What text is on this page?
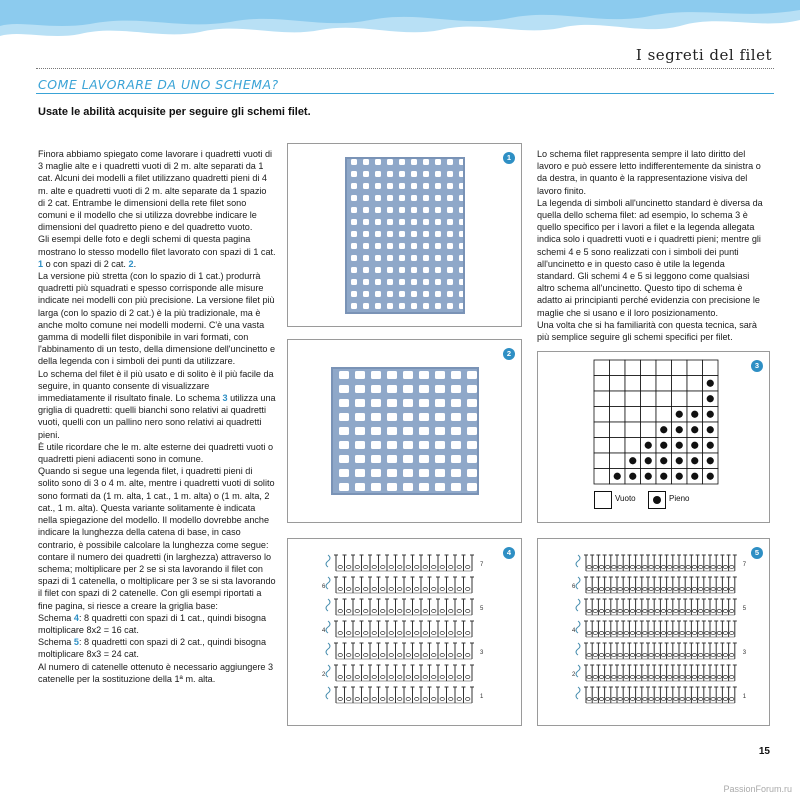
I segreti del filet
COME LAVORARE DA UNO SCHEMA?
Usate le abilità acquisite per seguire gli schemi filet.

Finora abbiamo spiegato come lavorare i quadretti vuoti di 3 maglie alte e i quadretti vuoti di 2 m. alte separati da 1 cat. Alcuni dei modelli a filet utilizzano quadretti pieni di 4 m. alte e quadretti vuoti di 2 m. alte separate da 1 spazio di 2 cat. Entrambe le dimensioni della rete filet sono comuni e il modello che si utilizza dovrebbe indicare le dimensioni del quadretto pieno e del quadretto vuoto.

Gli esempi delle foto e degli schemi di questa pagina mostrano lo stesso modello filet lavorato con spazi di 1 cat. 1 o con spazi di 2 cat. 2.

La versione più stretta (con lo spazio di 1 cat.) produrrà quadretti più squadrati e spesso corrisponde alle misure indicate nei modelli con più precisione. La versione filet più larga (con lo spazio di 2 cat.) è la più tradizionale, ma è anche molto comune nei modelli moderni. C'è una vasta gamma di modelli filet disponibile in vari formati, con l'abbinamento di un testo, della dimensione dell'uncinetto e della legenda con i simboli dei punti da utilizzare.

Lo schema del filet è il più usato e di solito è il più facile da seguire, in quanto consente di visualizzare immediatamente il risultato finale. Lo schema 3 utilizza una griglia di quadretti: quelli bianchi sono relativi ai quadretti vuoti, quelli con un pallino nero sono relativi ai quadretti pieni.

È utile ricordare che le m. alte esterne dei quadretti vuoti o quadretti pieni adiacenti sono in comune.

Quando si segue una legenda filet, i quadretti pieni di solito sono di 3 o 4 m. alte, mentre i quadretti vuoti di solito sono formati da (1 m. alta, 1 cat., 1 m. alta) o (1 m. alta, 2 cat., 1 m. alta). Questa variante solitamente è indicata nella spiegazione del modello. Il modello dovrebbe anche indicare la lunghezza della catena di base, in caso contrario, è possibile calcolare la lunghezza come segue: contare il numero dei quadretti (in larghezza) attraverso lo schema; moltiplicare per 2 se si sta lavorando il filet con spazi di 1 catenella, o moltiplicare per 3 se si sta lavorando il filet con spazi di 2 catenelle. Con gli esempi riportati a fine pagina, si riesce a creare la griglia base:

Schema 4: 8 quadretti con spazi di 1 cat., quindi bisogna moltiplicare 8x2 = 16 cat.

Schema 5: 8 quadretti con spazi di 2 cat., quindi bisogna moltiplicare 8x3 = 24 cat.

Al numero di catenelle ottenuto è necessario aggiungere 3 catenelle per la sostituzione della 1ª m. alta.

Lo schema filet rappresenta sempre il lato diritto del lavoro e può essere letto indifferentemente da sinistra o da destra, in quanto è la rappresentazione visiva del lavoro finito.

La legenda di simboli all'uncinetto standard è diversa da quella dello schema filet: ad esempio, lo schema 3 è quello specifico per i lavori a filet e la legenda allegata indica solo i quadretti vuoti e i quadretti pieni; mentre gli schemi 4 e 5 sono realizzati con i simboli dei punti all'uncinetto e in questo caso è utile la legenda standard. Gli schemi 4 e 5 si leggono come qualsiasi altro schema all'uncinetto. Questo tipo di schema è adatto ai principianti perché evidenzia con precisione le maglie che si usano e il loro posizionamento.

Una volta che si ha familiarità con questa tecnica, sarà più semplice seguire gli schemi specifici per filet.

1
2
3
Vuoto	Pieno
7
6
5
4
3
2
1
4
7
6
5
4
3
2
1
5
15
PassionForum.ru
